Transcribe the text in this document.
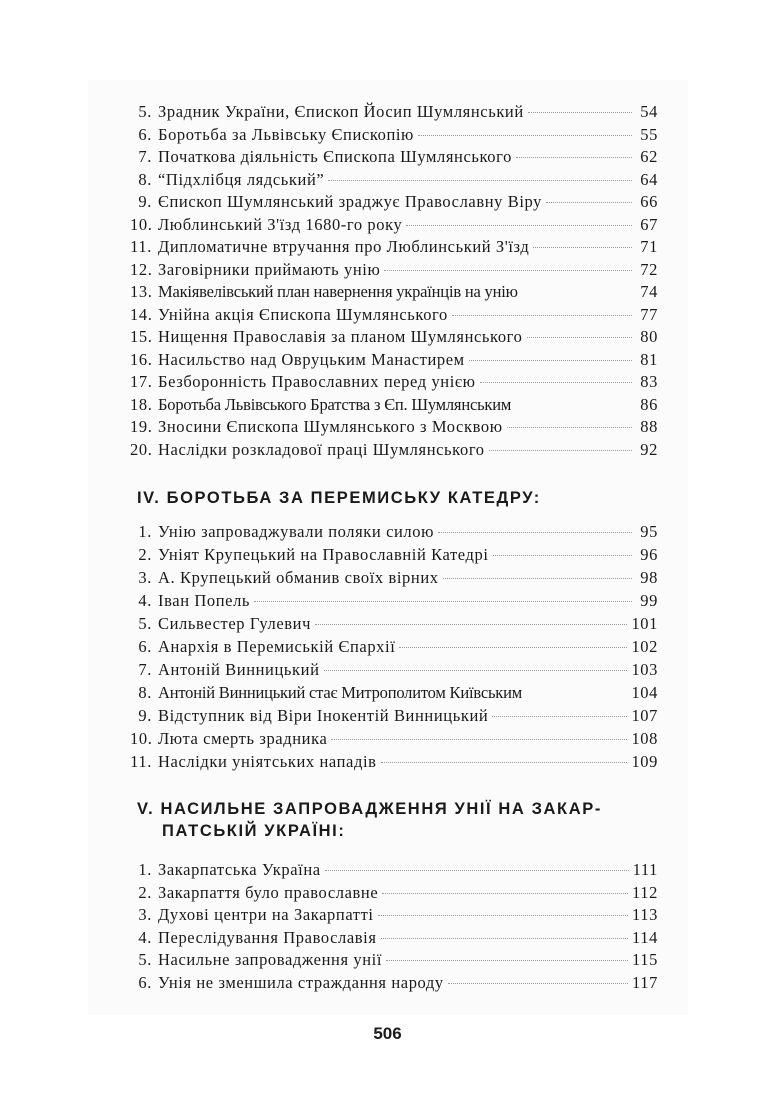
5. Зрадник України, Єпископ Йосип Шумлянський	54
6. Боротьба за Львівську Єпископію	55
7. Початкова діяльність Єпископа Шумлянського	62
8. “Підхлібця лядський”	64
9. Єпископ Шумлянський зраджує Православну Віру	66
10. Люблинський З'їзд 1680-го року	67
11. Дипломатичне втручання про Люблинський З'їзд	71
12. Заговірники приймають унію	72
13. Макіявелівський план навернення українців на унію	74
14. Унійна акція Єпископа Шумлянського	77
15. Нищення Православія за планом Шумлянського	80
16. Насильство над Овруцьким Манастирем	81
17. Безборонність Православних перед унією	83
18. Боротьба Львівського Братства з Єп. Шумлянським	86
19. Зносини Єпископа Шумлянського з Москвою	88
20. Наслідки розкладової праці Шумлянського	92
IV. БОРОТЬБА ЗА ПЕРЕМИСЬКУ КАТЕДРУ:
1. Унію запроваджували поляки силою	95
2. Уніят Крупецький на Православній Катедрі	96
3. А. Крупецький обманив своїх вірних	98
4. Іван Попель	99
5. Сильвестер Гулевич	101
6. Анархія в Перемиській Єпархії	102
7. Антоній Винницький	103
8. Антоній Винницький стає Митрополитом Київським	104
9. Відступник від Віри Інокентій Винницький	107
10. Люта смерть зрадника	108
11. Наслідки уніятських нападів	109
V. НАСИЛЬНЕ ЗАПРОВАДЖЕННЯ УНІЇ НА ЗАКАР-
ПАТСЬКІЙ УКРАЇНІ:
1. Закарпатська Україна	111
2. Закарпаття було православне	112
3. Духові центри на Закарпатті	113
4. Переслідування Православія	114
5. Насильне запровадження унії	115
6. Унія не зменшила страждання народу	117
506
